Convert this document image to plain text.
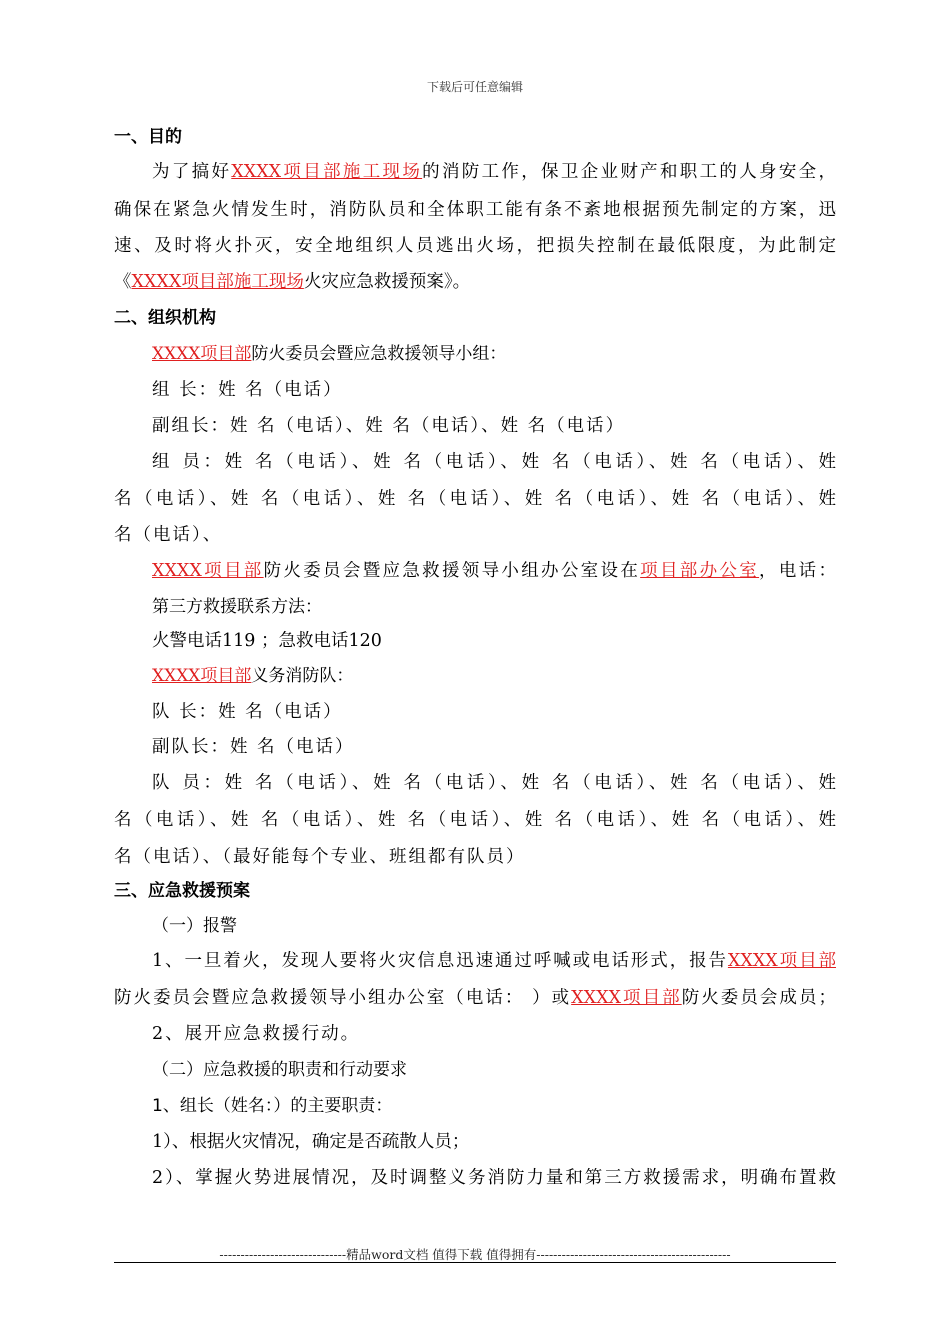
下载后可任意编辑
一、目的
为了搞好XXXX项目部施工现场的消防工作，保卫企业财产和职工的人身安全，
确保在紧急火情发生时，消防队员和全体职工能有条不紊地根据预先制定的方案，迅
速、及时将火扑灭，安全地组织人员逃出火场，把损失控制在最低限度，为此制定
《XXXX项目部施工现场火灾应急救援预案》。
二、组织机构
XXXX项目部防火委员会暨应急救援领导小组：
组 长：姓 名（电话）
副组长：姓 名（电话）、姓 名（电话）、姓 名（电话）
组 员：姓 名（电话）、姓 名（电话）、姓 名（电话）、姓 名（电话）、姓
名（电话）、姓 名（电话）、姓 名（电话）、姓 名（电话）、姓 名（电话）、姓
名（电话）、
XXXX项目部防火委员会暨应急救援领导小组办公室设在项目部办公室，电话：
第三方救援联系方法：
火警电话119 ；急救电话120
XXXX项目部义务消防队：
队 长：姓 名（电话）
副队长：姓 名（电话）
队 员：姓 名（电话）、姓 名（电话）、姓 名（电话）、姓 名（电话）、姓
名（电话）、姓 名（电话）、姓 名（电话）、姓 名（电话）、姓 名（电话）、姓
名（电话）、（最好能每个专业、班组都有队员）
三、应急救援预案
（一）报警
1、一旦着火，发现人要将火灾信息迅速通过呼喊或电话形式，报告XXXX项目部
防火委员会暨应急救援领导小组办公室（电话： ）或XXXX项目部防火委员会成员；
2、展开应急救援行动。
（二）应急救援的职责和行动要求
1、组长（姓名：）的主要职责：
1）、根据火灾情况，确定是否疏散人员；
2）、掌握火势进展情况，及时调整义务消防力量和第三方救援需求，明确布置救
------------------------------精品word文档 值得下载 值得拥有----------------------------------------------
